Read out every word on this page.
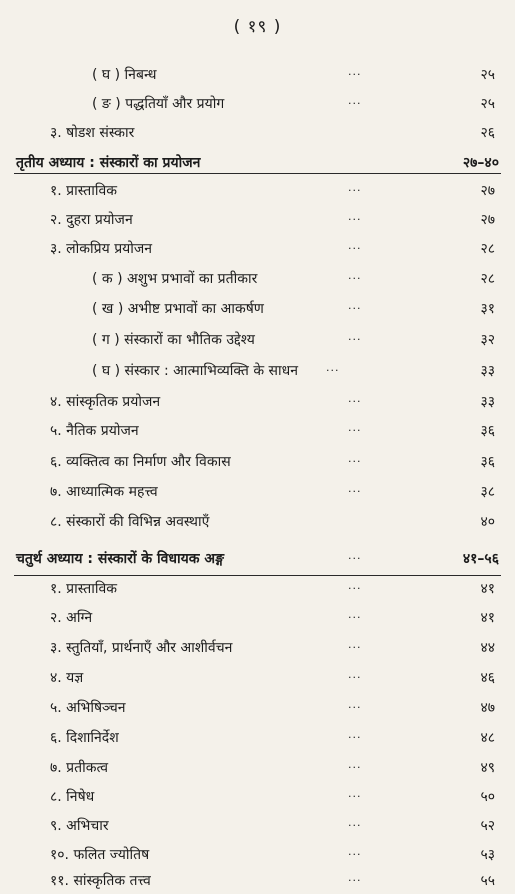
( १९ )
( घ ) निबन्ध	···	२५
( ङ ) पद्धतियाँ और प्रयोग	···	२५
३. षोडश संस्कार	२६
तृतीय अध्याय : संस्कारों का प्रयोजन	२७–४०
१. प्रास्ताविक	···	२७
२. दुहरा प्रयोजन	···	२७
३. लोकप्रिय प्रयोजन	···	२८
( क ) अशुभ प्रभावों का प्रतीकार	···	२८
( ख ) अभीष्ट प्रभावों का आकर्षण	···	३१
( ग ) संस्कारों का भौतिक उद्देश्य	···	३२
( घ ) संस्कार : आत्माभिव्यक्ति के साधन	···	३३
४. सांस्कृतिक प्रयोजन	···	३३
५. नैतिक प्रयोजन	···	३६
६. व्यक्तित्व का निर्माण और विकास	···	३६
७. आध्यात्मिक महत्त्व	···	३८
८. संस्कारों की विभिन्न अवस्थाएँ	४०
चतुर्थ अध्याय : संस्कारों के विधायक अङ्ग	···	४१–५६
१. प्रास्ताविक	···	४१
२. अग्नि	···	४१
३. स्तुतियाँ, प्रार्थनाएँ और आशीर्वचन	···	४४
४. यज्ञ	···	४६
५. अभिषिञ्चन	···	४७
६. दिशानिर्देश	···	४८
७. प्रतीकत्व	···	४९
८. निषेध	···	५०
९. अभिचार	···	५२
१०. फलित ज्योतिष	···	५३
११. सांस्कृतिक तत्त्व	···	५५
